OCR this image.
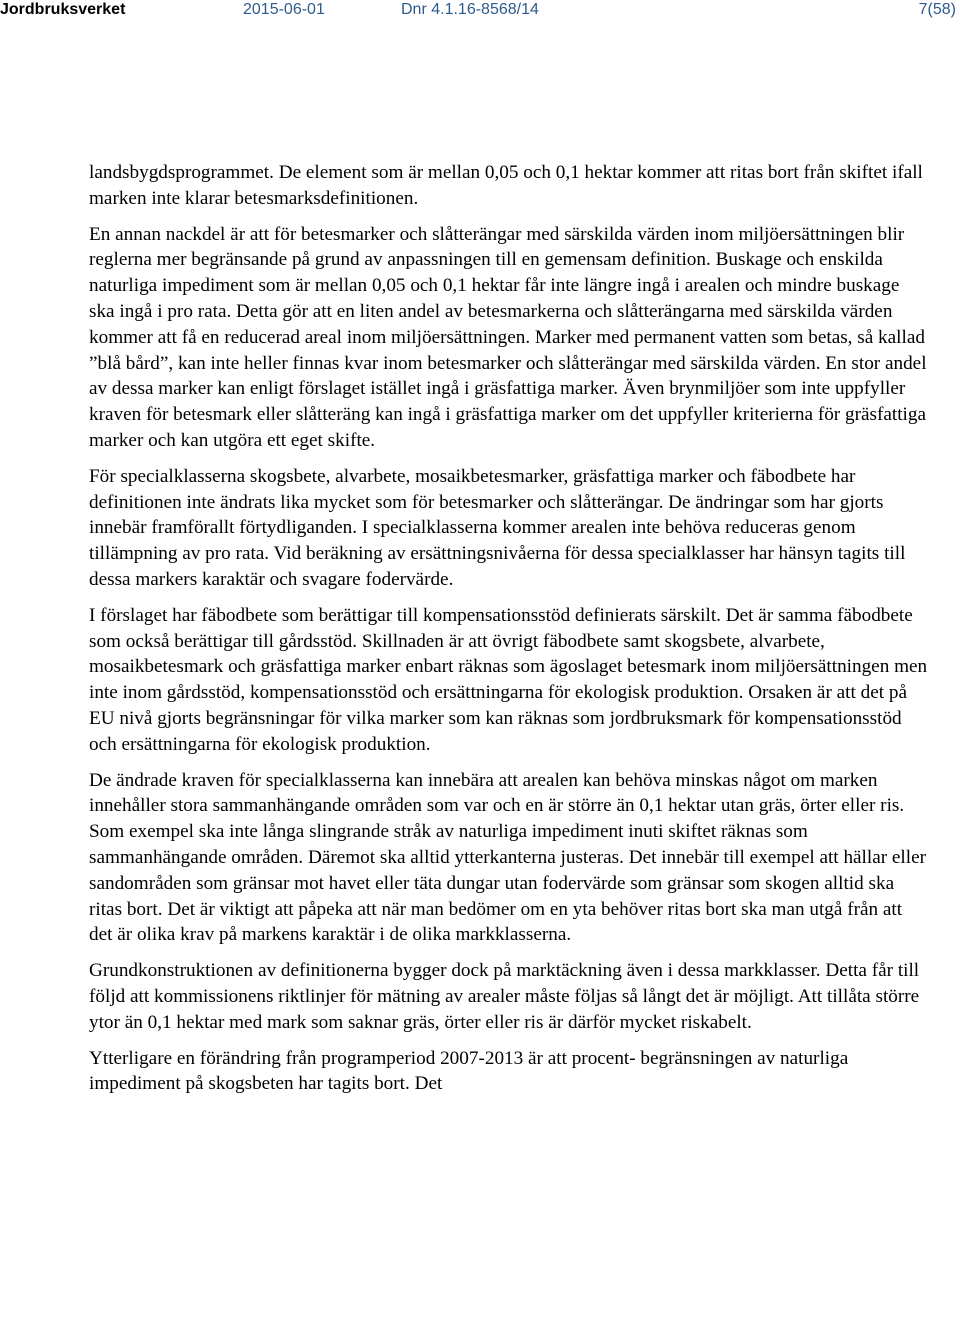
Jordbruksverket	2015-06-01	Dnr 4.1.16-8568/14	7(58)

landsbygdsprogrammet. De element som är mellan 0,05 och 0,1 hektar kommer att ritas bort från skiftet ifall marken inte klarar betesmarksdefinitionen.

En annan nackdel är att för betesmarker och slåtterängar med särskilda värden inom miljöersättningen blir reglerna mer begränsande på grund av anpassningen till en gemensam definition. Buskage och enskilda naturliga impediment som är mellan 0,05 och 0,1 hektar får inte längre ingå i arealen och mindre buskage ska ingå i pro rata. Detta gör att en liten andel av betesmarkerna och slåtterängarna med särskilda värden kommer att få en reducerad areal inom miljöersättningen. Marker med permanent vatten som betas, så kallad ”blå bård”, kan inte heller finnas kvar inom betesmarker och slåtterängar med särskilda värden. En stor andel av dessa marker kan enligt förslaget istället ingå i gräsfattiga marker. Även brynmiljöer som inte uppfyller kraven för betesmark eller slåtteräng kan ingå i gräsfattiga marker om det uppfyller kriterierna för gräsfattiga marker och kan utgöra ett eget skifte.

För specialklasserna skogsbete, alvarbete, mosaikbetesmarker, gräsfattiga marker och fäbodbete har definitionen inte ändrats lika mycket som för betesmarker och slåtterängar. De ändringar som har gjorts innebär framförallt förtydliganden. I specialklasserna kommer arealen inte behöva reduceras genom tillämpning av pro rata. Vid beräkning av ersättningsnivåerna för dessa specialklasser har hänsyn tagits till dessa markers karaktär och svagare fodervärde.

I förslaget har fäbodbete som berättigar till kompensationsstöd definierats särskilt. Det är samma fäbodbete som också berättigar till gårdsstöd. Skillnaden är att övrigt fäbodbete samt skogsbete, alvarbete, mosaikbetesmark och gräsfattiga marker enbart räknas som ägoslaget betesmark inom miljöersättningen men inte inom gårdsstöd, kompensationsstöd och ersättningarna för ekologisk produktion. Orsaken är att det på EU nivå gjorts begränsningar för vilka marker som kan räknas som jordbruksmark för kompensationsstöd och ersättningarna för ekologisk produktion.

De ändrade kraven för specialklasserna kan innebära att arealen kan behöva minskas något om marken innehåller stora sammanhängande områden som var och en är större än 0,1 hektar utan gräs, örter eller ris. Som exempel ska inte långa slingrande stråk av naturliga impediment inuti skiftet räknas som sammanhängande områden. Däremot ska alltid ytterkanterna justeras. Det innebär till exempel att hällar eller sandområden som gränsar mot havet eller täta dungar utan fodervärde som gränsar som skogen alltid ska ritas bort. Det är viktigt att påpeka att när man bedömer om en yta behöver ritas bort ska man utgå från att det är olika krav på markens karaktär i de olika markklasserna.

Grundkonstruktionen av definitionerna bygger dock på marktäckning även i dessa markklasser. Detta får till följd att kommissionens riktlinjer för mätning av arealer måste följas så långt det är möjligt. Att tillåta större ytor än 0,1 hektar med mark som saknar gräs, örter eller ris är därför mycket riskabelt.

Ytterligare en förändring från programperiod 2007-2013 är att procent- begränsningen av naturliga impediment på skogsbeten har tagits bort. Det
